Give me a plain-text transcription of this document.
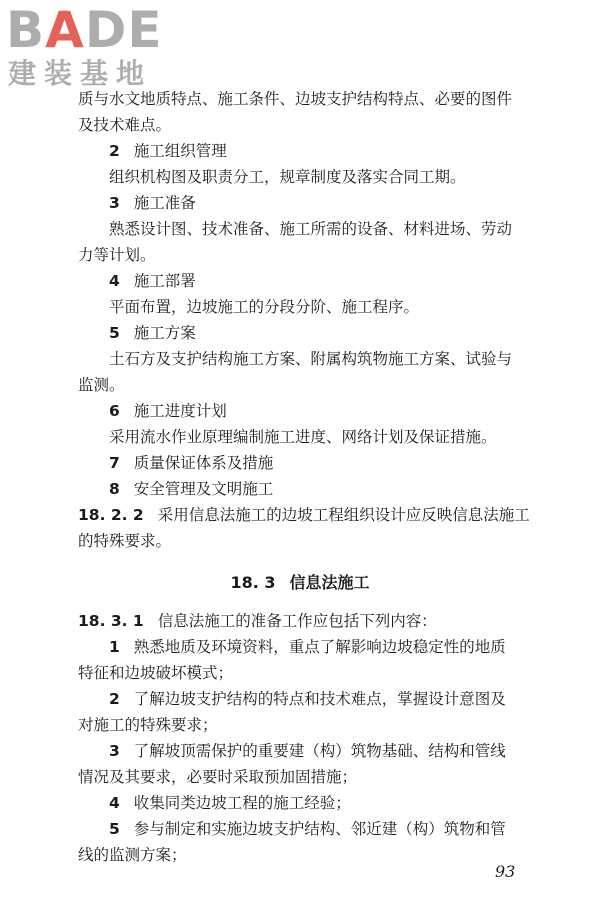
BADE
建装基地
质与水文地质特点、施工条件、边坡支护结构特点、必要的图件
及技术难点。
2 施工组织管理
组织机构图及职责分工，规章制度及落实合同工期。
3 施工准备
熟悉设计图、技术准备、施工所需的设备、材料进场、劳动
力等计划。
4 施工部署
平面布置，边坡施工的分段分阶、施工程序。
5 施工方案
土石方及支护结构施工方案、附属构筑物施工方案、试验与
监测。
6 施工进度计划
采用流水作业原理编制施工进度、网络计划及保证措施。
7 质量保证体系及措施
8 安全管理及文明施工
18. 2. 2 采用信息法施工的边坡工程组织设计应反映信息法施工
的特殊要求。
18. 3 信息法施工
18. 3. 1 信息法施工的准备工作应包括下列内容：
1 熟悉地质及环境资料，重点了解影响边坡稳定性的地质
特征和边坡破坏模式；
2 了解边坡支护结构的特点和技术难点，掌握设计意图及
对施工的特殊要求；
3 了解坡顶需保护的重要建（构）筑物基础、结构和管线
情况及其要求，必要时采取预加固措施；
4 收集同类边坡工程的施工经验；
5 参与制定和实施边坡支护结构、邻近建（构）筑物和管
线的监测方案；
93
